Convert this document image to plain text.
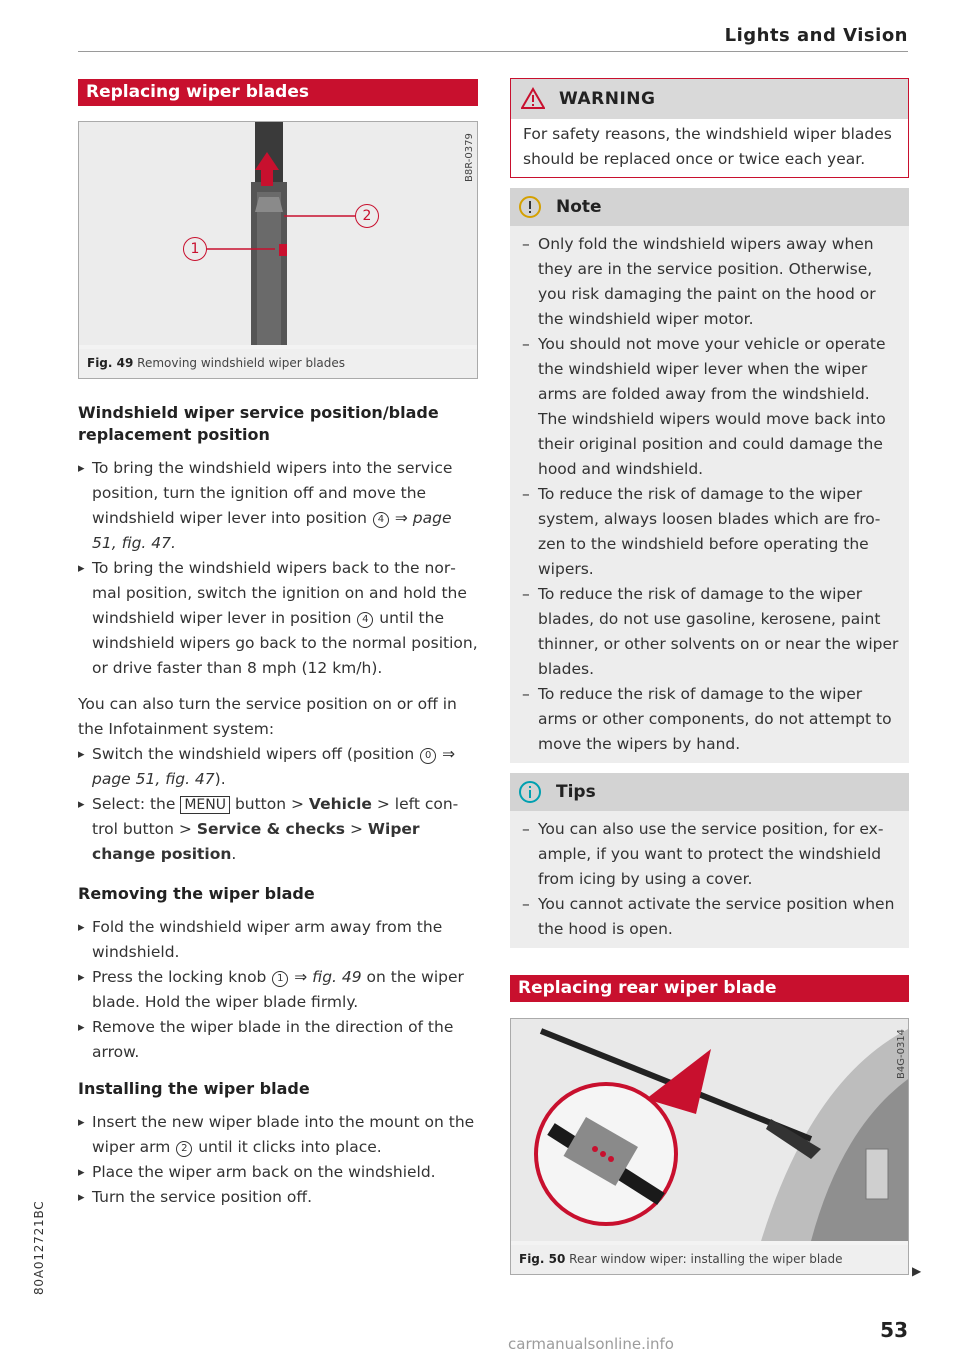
Lights and Vision
Replacing wiper blades
B8R-0379
2
1
Fig. 49 Removing windshield wiper blades
Windshield wiper service position/blade replacement position

▸ To bring the windshield wipers into the service position, turn the ignition off and move the windshield wiper lever into position 4 ⇒ page 51, fig. 47.

▸ To bring the windshield wipers back to the normal position, switch the ignition on and hold the windshield wiper lever in position 4 until the windshield wipers go back to the normal position, or drive faster than 8 mph (12 km/h).

You can also turn the service position on or off in the Infotainment system:

▸ Switch the windshield wipers off (position 0 ⇒ page 51, fig. 47).

▸ Select: the MENU button > Vehicle > left control button > Service & checks > Wiper change position.

Removing the wiper blade

▸ Fold the windshield wiper arm away from the windshield.

▸ Press the locking knob 1 ⇒ fig. 49 on the wiper blade. Hold the wiper blade firmly.

▸ Remove the wiper blade in the direction of the arrow.

Installing the wiper blade

▸ Insert the new wiper blade into the mount on the wiper arm 2 until it clicks into place.

▸ Place the wiper arm back on the windshield.

▸ Turn the service position off.

WARNING

For safety reasons, the windshield wiper blades should be replaced once or twice each year.

Note

– Only fold the windshield wipers away when they are in the service position. Otherwise, you risk damaging the paint on the hood or the windshield wiper motor.

– You should not move your vehicle or operate the windshield wiper lever when the wiper arms are folded away from the windshield. The windshield wipers would move back into their original position and could damage the hood and windshield.

– To reduce the risk of damage to the wiper system, always loosen blades which are frozen to the windshield before operating the wipers.

– To reduce the risk of damage to the wiper blades, do not use gasoline, kerosene, paint thinner, or other solvents on or near the wiper blades.

– To reduce the risk of damage to the wiper arms or other components, do not attempt to move the wipers by hand.

Tips

– You can also use the service position, for example, if you want to protect the windshield from icing by using a cover.

– You cannot activate the service position when the hood is open.

Replacing rear wiper blade
B4G-0314
Fig. 50 Rear window wiper: installing the wiper blade
▶
80A012721BC
53
carmanualsonline.info
